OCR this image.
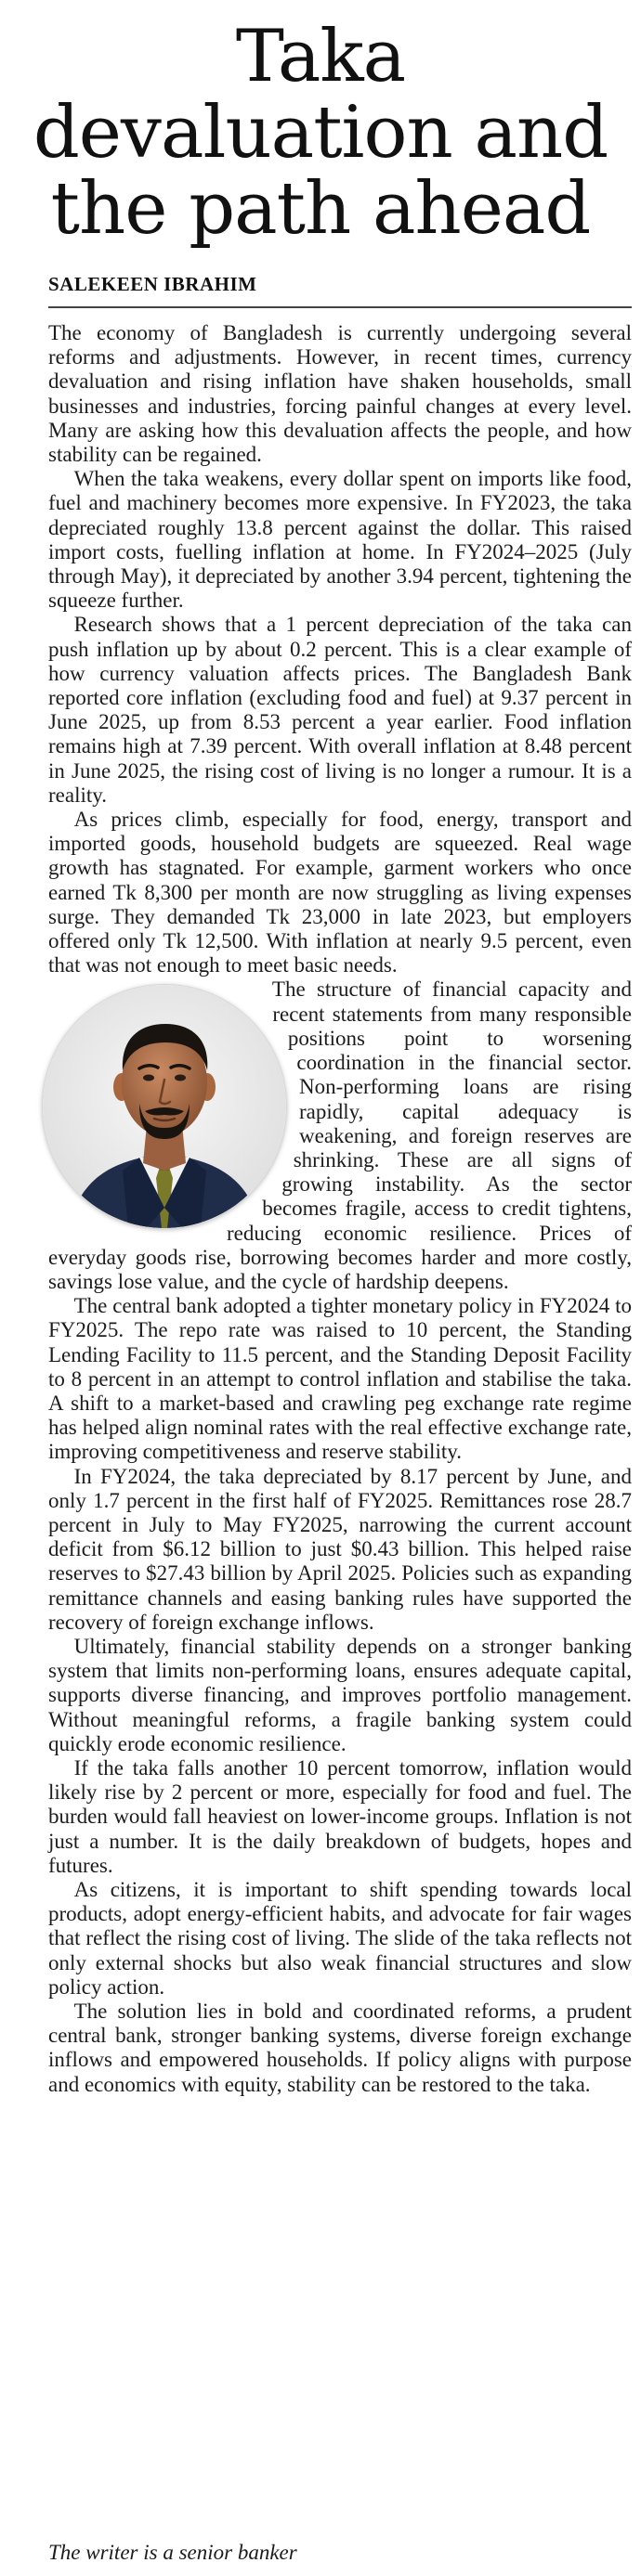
Taka devaluation and the path ahead
SALEKEEN IBRAHIM

The economy of Bangladesh is currently undergoing several reforms and adjustments. However, in recent times, currency devaluation and rising inflation have shaken households, small businesses and industries, forcing painful changes at every level. Many are asking how this devaluation affects the people, and how stability can be regained.

When the taka weakens, every dollar spent on imports like food, fuel and machinery becomes more expensive. In FY2023, the taka depreciated roughly 13.8 percent against the dollar. This raised import costs, fuelling inflation at home. In FY2024–2025 (July through May), it depreciated by another 3.94 percent, tightening the squeeze further.

Research shows that a 1 percent depreciation of the taka can push inflation up by about 0.2 percent. This is a clear example of how currency valuation affects prices. The Bangladesh Bank reported core inflation (excluding food and fuel) at 9.37 percent in June 2025, up from 8.53 percent a year earlier. Food inflation remains high at 7.39 percent. With overall inflation at 8.48 percent in June 2025, the rising cost of living is no longer a rumour. It is a reality.

As prices climb, especially for food, energy, transport and imported goods, household budgets are squeezed. Real wage growth has stagnated. For example, garment workers who once earned Tk 8,300 per month are now struggling as living expenses surge. They demanded Tk 23,000 in late 2023, but employers offered only Tk 12,500. With inflation at nearly 9.5 percent, even that was not enough to meet basic needs.

The structure of financial capacity and recent statements from many responsible positions point to worsening coordination in the financial sector. Non-performing loans are rising rapidly, capital adequacy is weakening, and foreign reserves are shrinking. These are all signs of growing instability. As the sector becomes fragile, access to credit tightens, reducing economic resilience. Prices of everyday goods rise, borrowing becomes harder and more costly, savings lose value, and the cycle of hardship deepens.

The central bank adopted a tighter monetary policy in FY2024 to FY2025. The repo rate was raised to 10 percent, the Standing Lending Facility to 11.5 percent, and the Standing Deposit Facility to 8 percent in an attempt to control inflation and stabilise the taka. A shift to a market-based and crawling peg exchange rate regime has helped align nominal rates with the real effective exchange rate, improving competitiveness and reserve stability.

In FY2024, the taka depreciated by 8.17 percent by June, and only 1.7 percent in the first half of FY2025. Remittances rose 28.7 percent in July to May FY2025, narrowing the current account deficit from $6.12 billion to just $0.43 billion. This helped raise reserves to $27.43 billion by April 2025. Policies such as expanding remittance channels and easing banking rules have supported the recovery of foreign exchange inflows.

Ultimately, financial stability depends on a stronger banking system that limits non-performing loans, ensures adequate capital, supports diverse financing, and improves portfolio management. Without meaningful reforms, a fragile banking system could quickly erode economic resilience.

If the taka falls another 10 percent tomorrow, inflation would likely rise by 2 percent or more, especially for food and fuel. The burden would fall heaviest on lower-income groups. Inflation is not just a number. It is the daily breakdown of budgets, hopes and futures.

As citizens, it is important to shift spending towards local products, adopt energy-efficient habits, and advocate for fair wages that reflect the rising cost of living. The slide of the taka reflects not only external shocks but also weak financial structures and slow policy action.

The solution lies in bold and coordinated reforms, a prudent central bank, stronger banking systems, diverse foreign exchange inflows and empowered households. If policy aligns with purpose and economics with equity, stability can be restored to the taka.

The writer is a senior banker
